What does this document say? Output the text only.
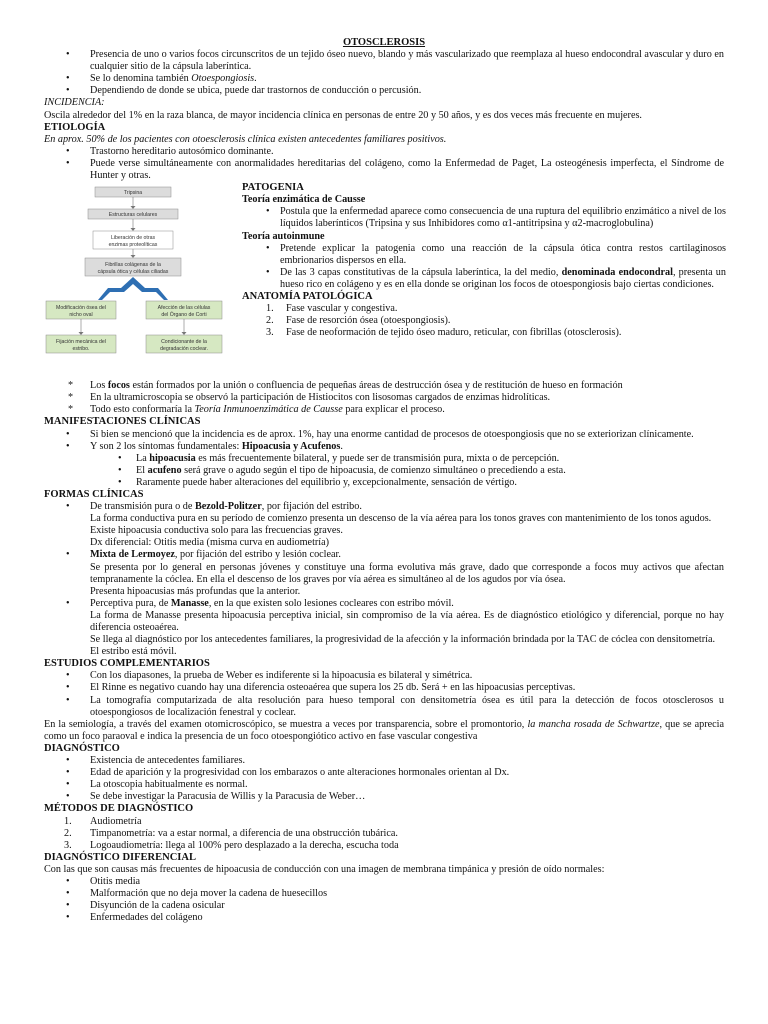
OTOSCLEROSIS
• Presencia de uno o varios focos circunscritos de un tejido óseo nuevo, blando y más vascularizado que reemplaza al hueso endocondral avascular y duro en cualquier sitio de la cápsula laberíntica.
• Se lo denomina también Otoespongiosis.
• Dependiendo de donde se ubica, puede dar trastornos de conducción o percusión.
INCIDENCIA:
Oscila alrededor del 1% en la raza blanca, de mayor incidencia clínica en personas de entre 20 y 50 años, y es dos veces más frecuente en mujeres.
ETIOLOGÍA
En aprox. 50% de los pacientes con otoesclerosis clínica existen antecedentes familiares positivos.
• Trastorno hereditario autosómico dominante.
• Puede verse simultáneamente con anormalidades hereditarias del colágeno, como la Enfermedad de Paget, La osteogénesis imperfecta, el Síndrome de Hunter y otras.
Tripsina
Estructuras celulares
Liberación de otras
enzimas proteolíticas
Fibrillas colágenas de la
cápsula ótica y células ciliadas
Modificación ósea del
nicho oval
Afección de las células
del Órgano de Corti
Fijación mecánica del
estribo.
Condicionante de la
degradación coclear.
PATOGENIA
Teoría enzimática de Causse
• Postula que la enfermedad aparece como consecuencia de una ruptura del equilibrio enzimático a nivel de los líquidos laberínticos (Tripsina y sus Inhibidores como α1-antitripsina y α2-macroglobulina)
Teoría autoinmune
• Pretende explicar la patogenia como una reacción de la cápsula ótica contra restos cartilaginosos embrionarios dispersos en ella.
• De las 3 capas constitutivas de la cápsula laberíntica, la del medio, denominada endocondral, presenta un hueso rico en colágeno y es en ella donde se originan los focos de otoespongiosis bajo ciertas condiciones.
ANATOMÍA PATOLÓGICA
1. Fase vascular y congestiva.
2. Fase de resorción ósea (otoespongiosis).
3. Fase de neoformación de tejido óseo maduro, reticular, con fibrillas (otosclerosis).
* Los focos están formados por la unión o confluencia de pequeñas áreas de destrucción ósea y de restitución de hueso en formación
* En la ultramicroscopia se observó la participación de Histiocitos con lisosomas cargados de enzimas hidrolíticas.
* Todo esto conformaría la Teoría Inmunoenzimática de Causse para explicar el proceso.
MANIFESTACIONES CLÍNICAS
• Si bien se mencionó que la incidencia es de aprox. 1%, hay una enorme cantidad de procesos de otoespongiosis que no se exteriorizan clínicamente.
• Y son 2 los síntomas fundamentales: Hipoacusia y Acufenos.
• La hipoacusia es más frecuentemente bilateral, y puede ser de transmisión pura, mixta o de percepción.
• El acufeno será grave o agudo según el tipo de hipoacusia, de comienzo simultáneo o precediendo a esta.
• Raramente puede haber alteraciones del equilibrio y, excepcionalmente, sensación de vértigo.
FORMAS CLÍNICAS
• De transmisión pura o de Bezold-Politzer, por fijación del estribo.
La forma conductiva pura en su período de comienzo presenta un descenso de la vía aérea para los tonos graves con mantenimiento de los tonos agudos.
Existe hipoacusia conductiva solo para las frecuencias graves.
Dx diferencial: Otitis media (misma curva en audiometría)
• Mixta de Lermoyez, por fijación del estribo y lesión coclear.
Se presenta por lo general en personas jóvenes y constituye una forma evolutiva más grave, dado que corresponde a focos muy activos que afectan tempranamente la cóclea. En ella el descenso de los graves por vía aérea es simultáneo al de los agudos por vía ósea.
Presenta hipoacusias más profundas que la anterior.
• Perceptiva pura, de Manasse, en la que existen solo lesiones cocleares con estribo móvil.
La forma de Manasse presenta hipoacusia perceptiva inicial, sin compromiso de la vía aérea. Es de diagnóstico etiológico y diferencial, porque no hay diferencia osteoaérea.
Se llega al diagnóstico por los antecedentes familiares, la progresividad de la afección y la información brindada por la TAC de cóclea con densitometría.
El estribo está móvil.
ESTUDIOS COMPLEMENTARIOS
• Con los diapasones, la prueba de Weber es indiferente si la hipoacusia es bilateral y simétrica.
• El Rinne es negativo cuando hay una diferencia osteoaérea que supera los 25 db. Será + en las hipoacusias perceptivas.
• La tomografía computarizada de alta resolución para hueso temporal con densitometría ósea es útil para la detección de focos otosclerosos u otoespongiosos de localización fenestral y coclear.
En la semiología, a través del examen otomicroscópico, se muestra a veces por transparencia, sobre el promontorio, la mancha rosada de Schwartze, que se aprecia como un foco paraoval e indica la presencia de un foco otoespongiótico activo en fase vascular congestiva
DIAGNÓSTICO
• Existencia de antecedentes familiares.
• Edad de aparición y la progresividad con los embarazos o ante alteraciones hormonales orientan al Dx.
• La otoscopia habitualmente es normal.
• Se debe investigar la Paracusia de Willis y la Paracusia de Weber…
MÉTODOS DE DIAGNÓSTICO
1. Audiometría
2. Timpanometría: va a estar normal, a diferencia de una obstrucción tubárica.
3. Logoaudiometría: llega al 100% pero desplazado a la derecha, escucha toda
DIAGNÓSTICO DIFERENCIAL
Con las que son causas más frecuentes de hipoacusia de conducción con una imagen de membrana timpánica y presión de oído normales:
• Otitis media
• Malformación que no deja mover la cadena de huesecillos
• Disyunción de la cadena osicular
• Enfermedades del colágeno
